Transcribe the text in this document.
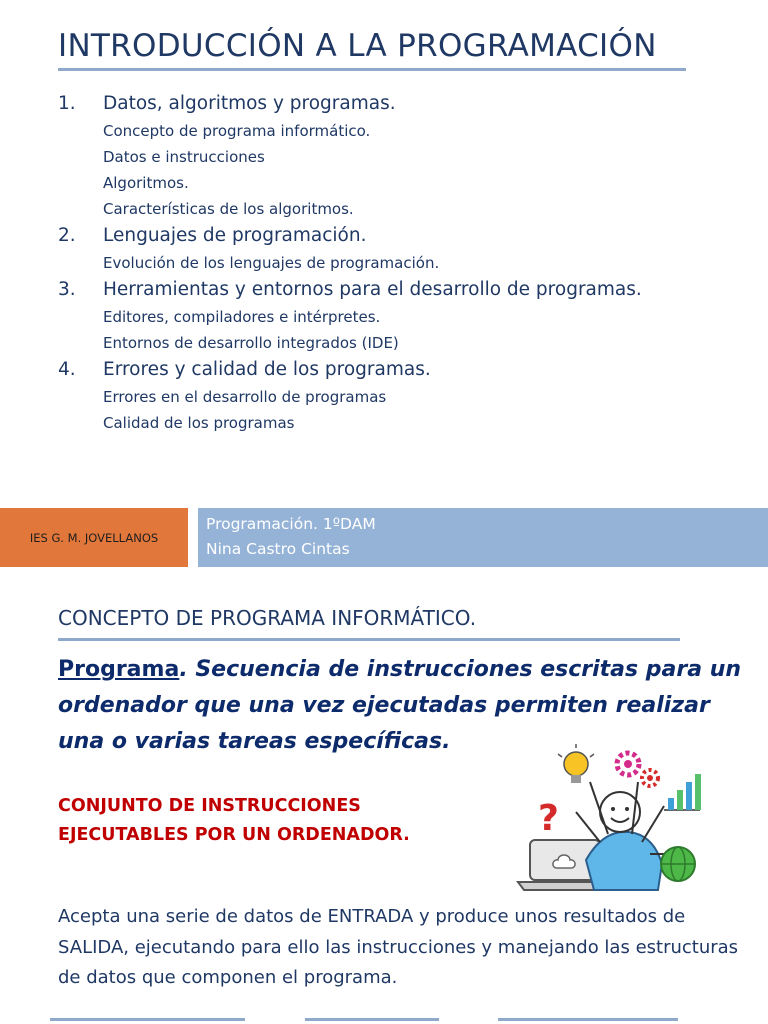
INTRODUCCIÓN A LA PROGRAMACIÓN
1.	Datos, algoritmos y programas.
Concepto de programa informático.
Datos e instrucciones
Algoritmos.
Características de los algoritmos.
2.	Lenguajes de programación.
Evolución de los lenguajes de programación.
3.	Herramientas y entornos para el desarrollo de programas.
Editores, compiladores e intérpretes.
Entornos de desarrollo integrados (IDE)
4.	Errores y calidad de los programas.
Errores en el desarrollo de programas
Calidad de los programas
IES G. M. JOVELLANOS
Programación. 1ºDAM
Nina Castro Cintas
CONCEPTO DE PROGRAMA INFORMÁTICO.
Programa. Secuencia de instrucciones escritas para un ordenador que una vez ejecutadas permiten realizar una o varias tareas específicas.
CONJUNTO DE INSTRUCCIONES
EJECUTABLES POR UN ORDENADOR.	?
Acepta una serie de datos de ENTRADA y produce unos resultados de SALIDA, ejecutando para ello las instrucciones y manejando las estructuras de datos que componen el programa.
